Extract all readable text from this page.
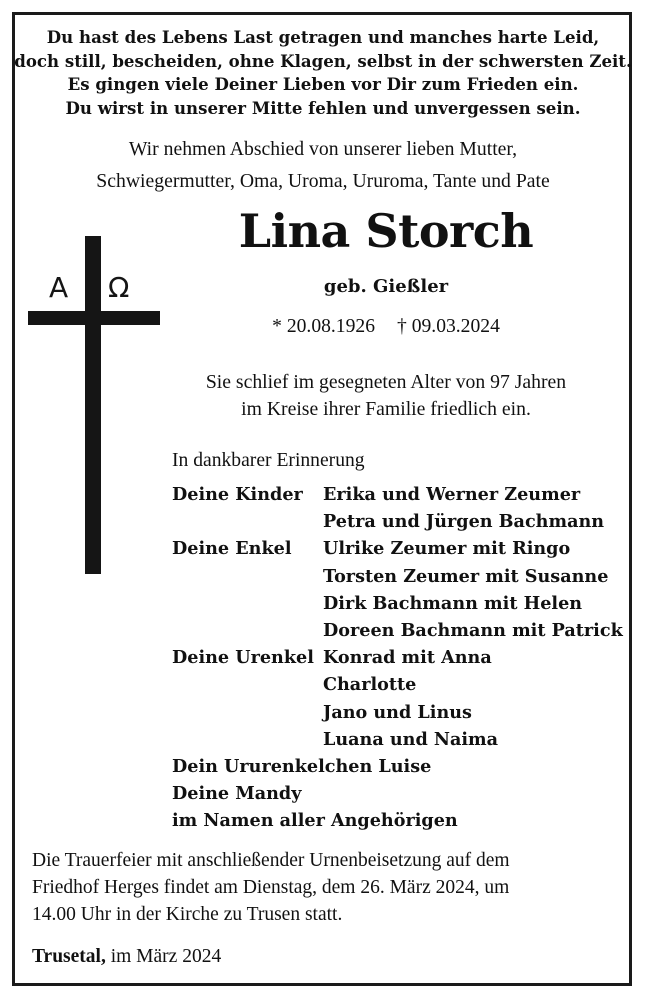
Du hast des Lebens Last getragen und manches harte Leid,
doch still, bescheiden, ohne Klagen, selbst in der schwersten Zeit.
Es gingen viele Deiner Lieben vor Dir zum Frieden ein.
Du wirst in unserer Mitte fehlen und unvergessen sein.
Wir nehmen Abschied von unserer lieben Mutter,
Schwiegermutter, Oma, Uroma, Ururoma, Tante und Pate
Α Ω
Lina Storch
geb. Gießler
* 20.08.1926 † 09.03.2024
Sie schlief im gesegneten Alter von 97 Jahren
im Kreise ihrer Familie friedlich ein.
In dankbarer Erinnerung
Deine Kinder Erika und Werner Zeumer
Petra und Jürgen Bachmann
Deine Enkel Ulrike Zeumer mit Ringo
Torsten Zeumer mit Susanne
Dirk Bachmann mit Helen
Doreen Bachmann mit Patrick
Deine Urenkel Konrad mit Anna
Charlotte
Jano und Linus
Luana und Naima
Dein Ururenkelchen Luise
Deine Mandy
im Namen aller Angehörigen
Die Trauerfeier mit anschließender Urnenbeisetzung auf dem
Friedhof Herges findet am Dienstag, dem 26. März 2024, um
14.00 Uhr in der Kirche zu Trusen statt.
Trusetal, im März 2024
